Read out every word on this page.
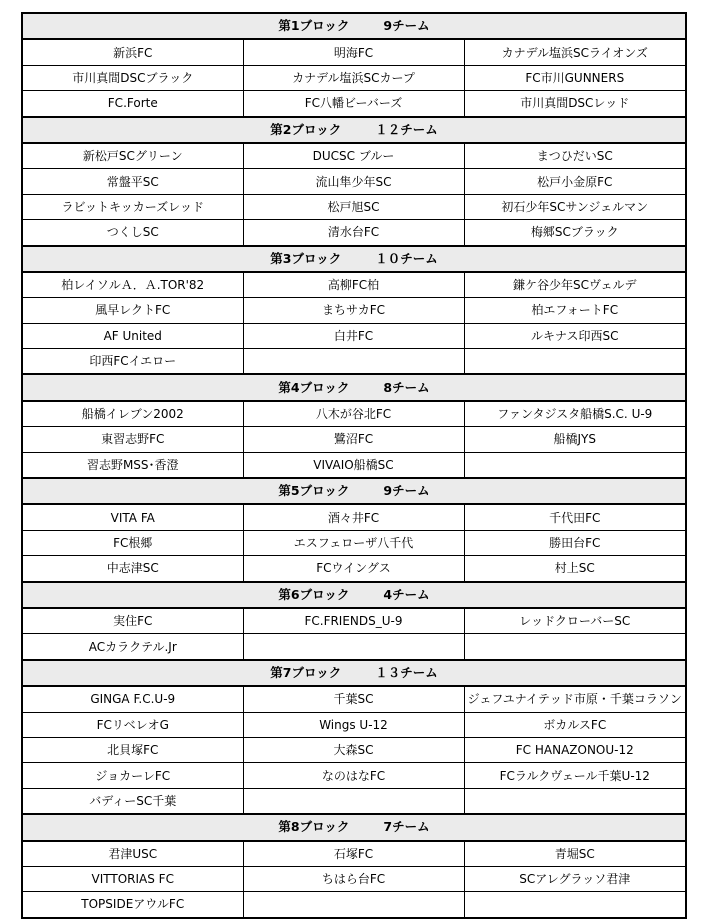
第1ブロック 9チーム		
新浜FC	明海FC	カナデル塩浜SCライオンズ
市川真間DSCブラック	カナデル塩浜SCカープ	FC市川GUNNERS
FC.Forte	FC八幡ビーバーズ	市川真間DSCレッド
第2ブロック １２チーム		
新松戸SCグリーン	DUCSC ブルー	まつひだいSC
常盤平SC	流山隼少年SC	松戸小金原FC
ラビットキッカーズレッド	松戸旭SC	初石少年SCサンジェルマン
つくしSC	清水台FC	梅郷SCブラック
第3ブロック １０チーム		
柏レイソルＡ．Ａ.TOR'82	高柳FC柏	鎌ケ谷少年SCヴェルデ
風早レクトFC	まちサカFC	柏エフォートFC
AF United	白井FC	ルキナス印西SC
印西FCイエロー		
第4ブロック 8チーム		
船橋イレブン2002	八木が谷北FC	ファンタジスタ船橋S.C. U-9
東習志野FC	鷺沼FC	船橋JYS
習志野MSS･香澄	VIVAIO船橋SC	
第5ブロック 9チーム		
VITA FA	酒々井FC	千代田FC
FC根郷	エスフェローザ八千代	勝田台FC
中志津SC	FCウイングス	村上SC
第6ブロック 4チーム		
実住FC	FC.FRIENDS_U-9	レッドクローバーSC
ACカラクテル.Jr		
第7ブロック １３チーム		
GINGA F.C.U-9	千葉SC	ジェフユナイテッド市原・千葉コラソン
FCリベレオG	Wings U-12	ボカルスFC
北貝塚FC	大森SC	FC HANAZONOU-12
ジョカーレFC	なのはなFC	FCラルクヴェール千葉U-12
バディーSC千葉		
第8ブロック 7チーム		
君津USC	石塚FC	青堀SC
VITTORIAS FC	ちはら台FC	SCアレグラッソ君津
TOPSIDEアウルFC		
